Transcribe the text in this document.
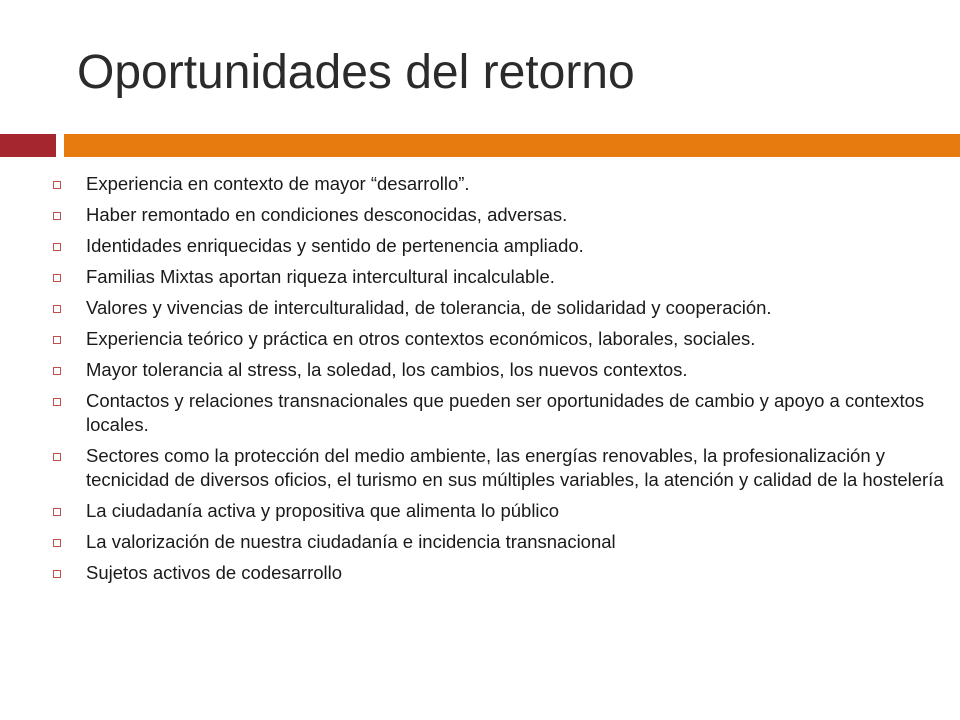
Oportunidades del retorno
Experiencia en contexto de mayor “desarrollo”.
Haber remontado en condiciones desconocidas, adversas.
Identidades enriquecidas y sentido de pertenencia ampliado.
Familias Mixtas aportan riqueza intercultural incalculable.
Valores y vivencias de interculturalidad, de tolerancia, de solidaridad y cooperación.
Experiencia teórico y práctica en otros contextos económicos, laborales, sociales.
Mayor tolerancia al stress, la soledad, los cambios, los nuevos contextos.
Contactos y relaciones transnacionales que pueden ser oportunidades de cambio y apoyo a contextos locales.
Sectores como la protección del medio ambiente, las energías renovables, la profesionalización y tecnicidad de diversos oficios, el turismo en sus múltiples variables, la atención y calidad de la hostelería
La ciudadanía activa y propositiva que alimenta lo público
La valorización de nuestra ciudadanía e incidencia transnacional
Sujetos activos de codesarrollo
